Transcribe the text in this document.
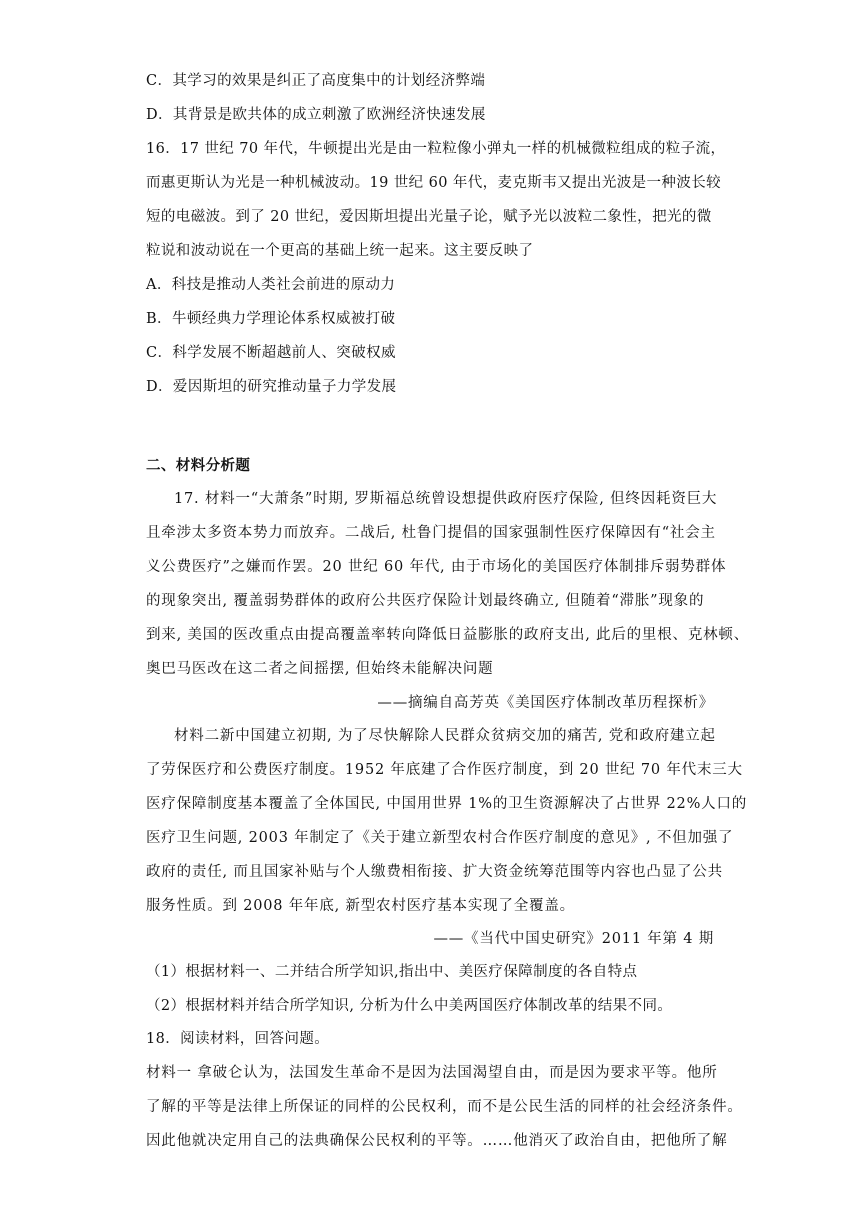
C．其学习的效果是纠正了高度集中的计划经济弊端
D．其背景是欧共体的成立刺激了欧洲经济快速发展
16．17 世纪 70 年代，牛顿提出光是由一粒粒像小弹丸一样的机械微粒组成的粒子流，
而惠更斯认为光是一种机械波动。19 世纪 60 年代，麦克斯韦又提出光波是一种波长较
短的电磁波。到了 20 世纪，爱因斯坦提出光量子论，赋予光以波粒二象性，把光的微
粒说和波动说在一个更高的基础上统一起来。这主要反映了
A．科技是推动人类社会前进的原动力
B．牛顿经典力学理论体系权威被打破
C．科学发展不断超越前人、突破权威
D．爱因斯坦的研究推动量子力学发展
二、材料分析题
17. 材料一“大萧条”时期, 罗斯福总统曾设想提供政府医疗保险, 但终因耗资巨大
且牵涉太多资本势力而放弃。二战后, 杜鲁门提倡的国家强制性医疗保障因有“社会主
义公费医疗”之嫌而作罢。20 世纪 60 年代, 由于市场化的美国医疗体制排斥弱势群体
的现象突出, 覆盖弱势群体的政府公共医疗保险计划最终确立, 但随着“滞胀”现象的
到来, 美国的医改重点由提高覆盖率转向降低日益膨胀的政府支出, 此后的里根、克林顿、
奥巴马医改在这二者之间摇摆, 但始终未能解决问题
——摘编自高芳英《美国医疗体制改革历程探析》
材料二新中国建立初期, 为了尽快解除人民群众贫病交加的痛苦, 党和政府建立起
了劳保医疗和公费医疗制度。1952 年底建了合作医疗制度，到 20 世纪 70 年代末三大
医疗保障制度基本覆盖了全体国民, 中国用世界 1%的卫生资源解决了占世界 22%人口的
医疗卫生问题, 2003 年制定了《关于建立新型农村合作医疗制度的意见》, 不但加强了
政府的责任, 而且国家补贴与个人缴费相衔接、扩大资金统筹范围等内容也凸显了公共
服务性质。到 2008 年年底, 新型农村医疗基本实现了全覆盖。
——《当代中国史研究》2011 年第 4 期
（1）根据材料一、二并结合所学知识,指出中、美医疗保障制度的各自特点
（2）根据材料并结合所学知识, 分析为什么中美两国医疗体制改革的结果不同。
18．阅读材料，回答问题。
材料一 拿破仑认为，法国发生革命不是因为法国渴望自由，而是因为要求平等。他所
了解的平等是法律上所保证的同样的公民权利，而不是公民生活的同样的社会经济条件。
因此他就决定用自己的法典确保公民权利的平等。……他消灭了政治自由，把他所了解
